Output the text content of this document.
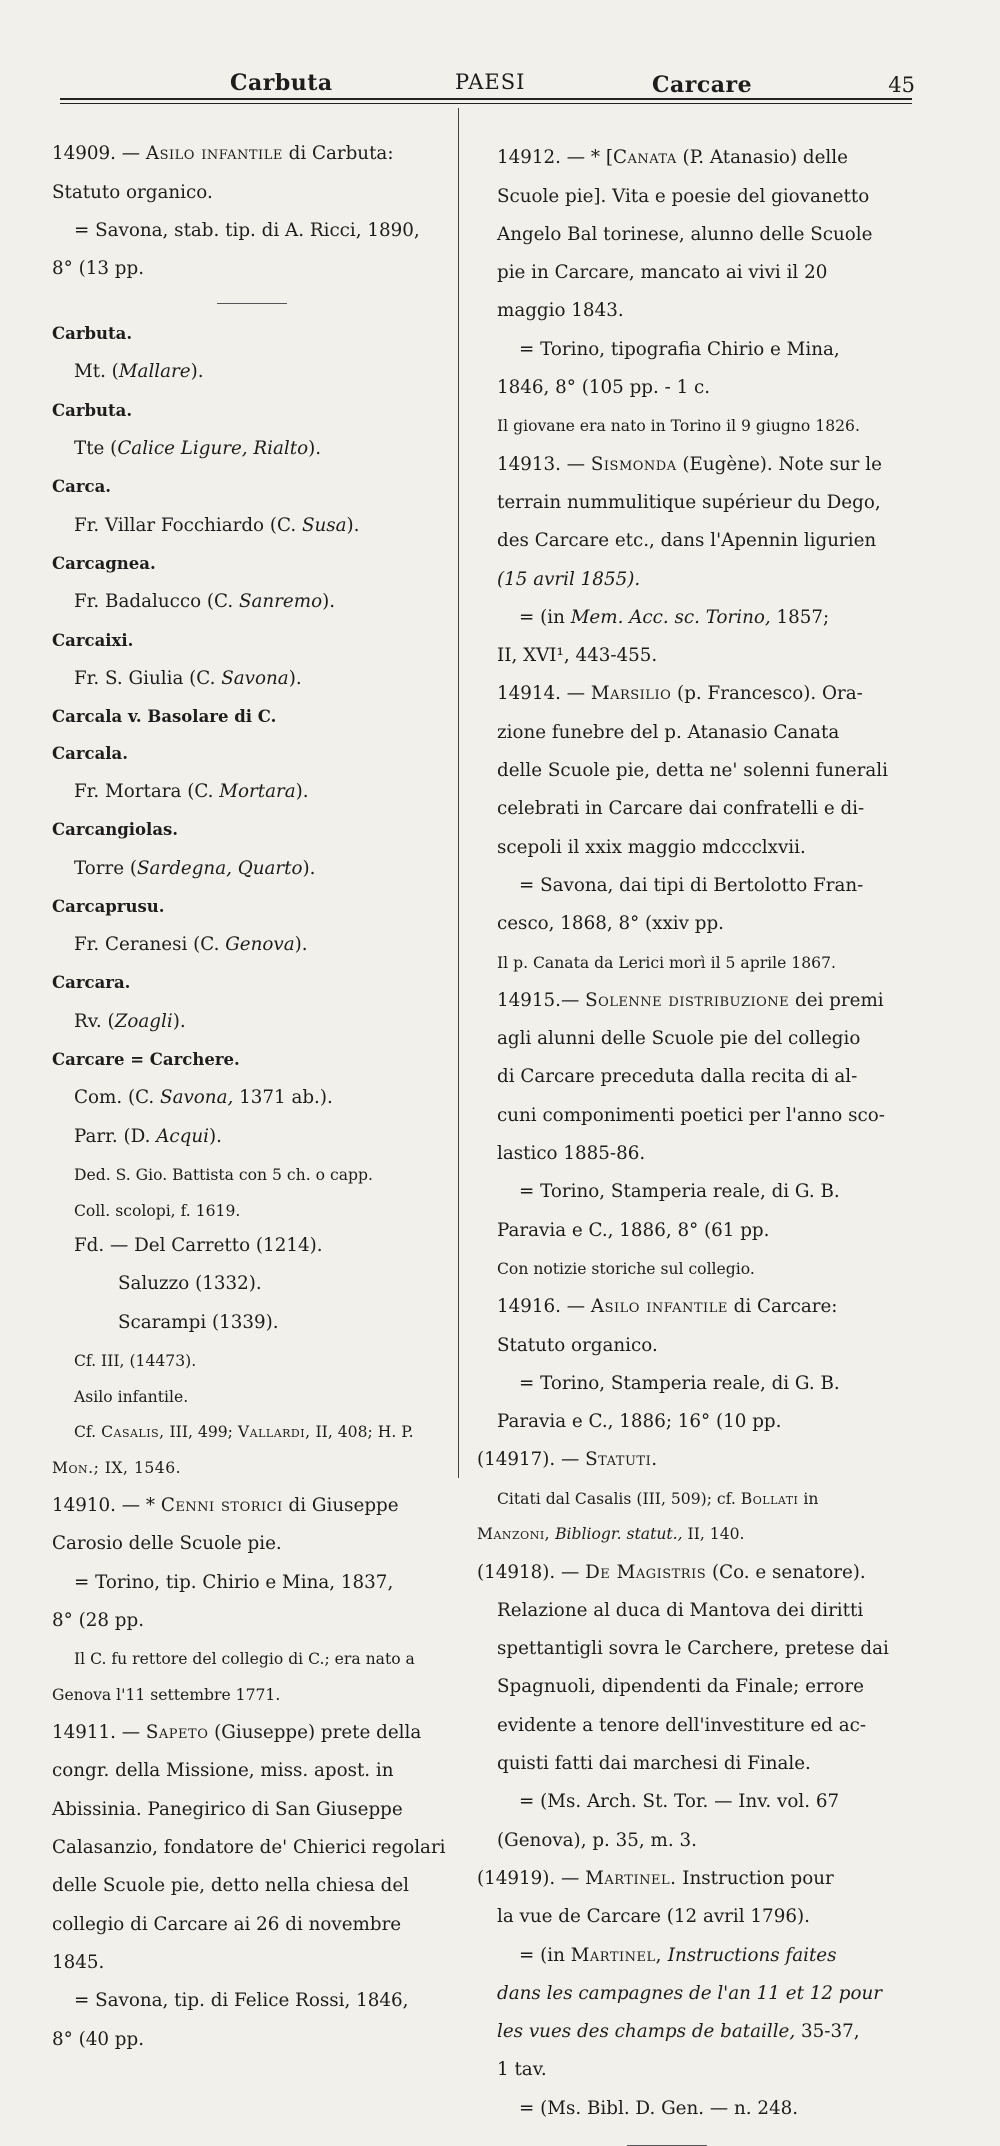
Carbuta	PAESI	Carcare	45

14909. — Asilo infantile di Carbuta:

Statuto organico.

= Savona, stab. tip. di A. Ricci, 1890,

8° (13 pp.

Carbuta.

Mt. (Mallare).

Carbuta.

Tte (Calice Ligure, Rialto).

Carca.

Fr. Villar Focchiardo (C. Susa).

Carcagnea.

Fr. Badalucco (C. Sanremo).

Carcaixi.

Fr. S. Giulia (C. Savona).

Carcala v. Basolare di C.

Carcala.

Fr. Mortara (C. Mortara).

Carcangiolas.

Torre (Sardegna, Quarto).

Carcaprusu.

Fr. Ceranesi (C. Genova).

Carcara.

Rv. (Zoagli).

Carcare = Carchere.

Com. (C. Savona, 1371 ab.).

Parr. (D. Acqui).

Ded. S. Gio. Battista con 5 ch. o capp.

Coll. scolopi, f. 1619.

Fd. — Del Carretto (1214).

Saluzzo (1332).

Scarampi (1339).

Cf. III, (14473).

Asilo infantile.

Cf. Casalis, III, 499; Vallardi, II, 408; H. P.

Mon.; IX, 1546.

14910. — * Cenni storici di Giuseppe

Carosio delle Scuole pie.

= Torino, tip. Chirio e Mina, 1837,

8° (28 pp.

Il C. fu rettore del collegio di C.; era nato a

Genova l'11 settembre 1771.

14911. — Sapeto (Giuseppe) prete della

congr. della Missione, miss. apost. in

Abissinia. Panegirico di San Giuseppe

Calasanzio, fondatore de' Chierici regolari

delle Scuole pie, detto nella chiesa del

collegio di Carcare ai 26 di novembre

1845.

= Savona, tip. di Felice Rossi, 1846,

8° (40 pp.

14912. — * [Canata (P. Atanasio) delle

Scuole pie]. Vita e poesie del giovanetto

Angelo Bal torinese, alunno delle Scuole

pie in Carcare, mancato ai vivi il 20

maggio 1843.

= Torino, tipografia Chirio e Mina,

1846, 8° (105 pp. - 1 c.

Il giovane era nato in Torino il 9 giugno 1826.

14913. — Sismonda (Eugène). Note sur le

terrain nummulitique supérieur du Dego,

des Carcare etc., dans l'Apennin ligurien

(15 avril 1855).

= (in Mem. Acc. sc. Torino, 1857;

II, XVI¹, 443-455.

14914. — Marsilio (p. Francesco). Ora-

zione funebre del p. Atanasio Canata

delle Scuole pie, detta ne' solenni funerali

celebrati in Carcare dai confratelli e di-

scepoli il xxix maggio mdccclxvii.

= Savona, dai tipi di Bertolotto Fran-

cesco, 1868, 8° (xxiv pp.

Il p. Canata da Lerici morì il 5 aprile 1867.

14915.— Solenne distribuzione dei premi

agli alunni delle Scuole pie del collegio

di Carcare preceduta dalla recita di al-

cuni componimenti poetici per l'anno sco-

lastico 1885-86.

= Torino, Stamperia reale, di G. B.

Paravia e C., 1886, 8° (61 pp.

Con notizie storiche sul collegio.

14916. — Asilo infantile di Carcare:

Statuto organico.

= Torino, Stamperia reale, di G. B.

Paravia e C., 1886; 16° (10 pp.

(14917). — Statuti.

Citati dal Casalis (III, 509); cf. Bollati in

Manzoni, Bibliogr. statut., II, 140.

(14918). — De Magistris (Co. e senatore).

Relazione al duca di Mantova dei diritti

spettantigli sovra le Carchere, pretese dai

Spagnuoli, dipendenti da Finale; errore

evidente a tenore dell'investiture ed ac-

quisti fatti dai marchesi di Finale.

= (Ms. Arch. St. Tor. — Inv. vol. 67

(Genova), p. 35, m. 3.

(14919). — Martinel. Instruction pour

la vue de Carcare (12 avril 1796).

= (in Martinel, Instructions faites

dans les campagnes de l'an 11 et 12 pour

les vues des champs de bataille, 35-37,

1 tav.

= (Ms. Bibl. D. Gen. — n. 248.
